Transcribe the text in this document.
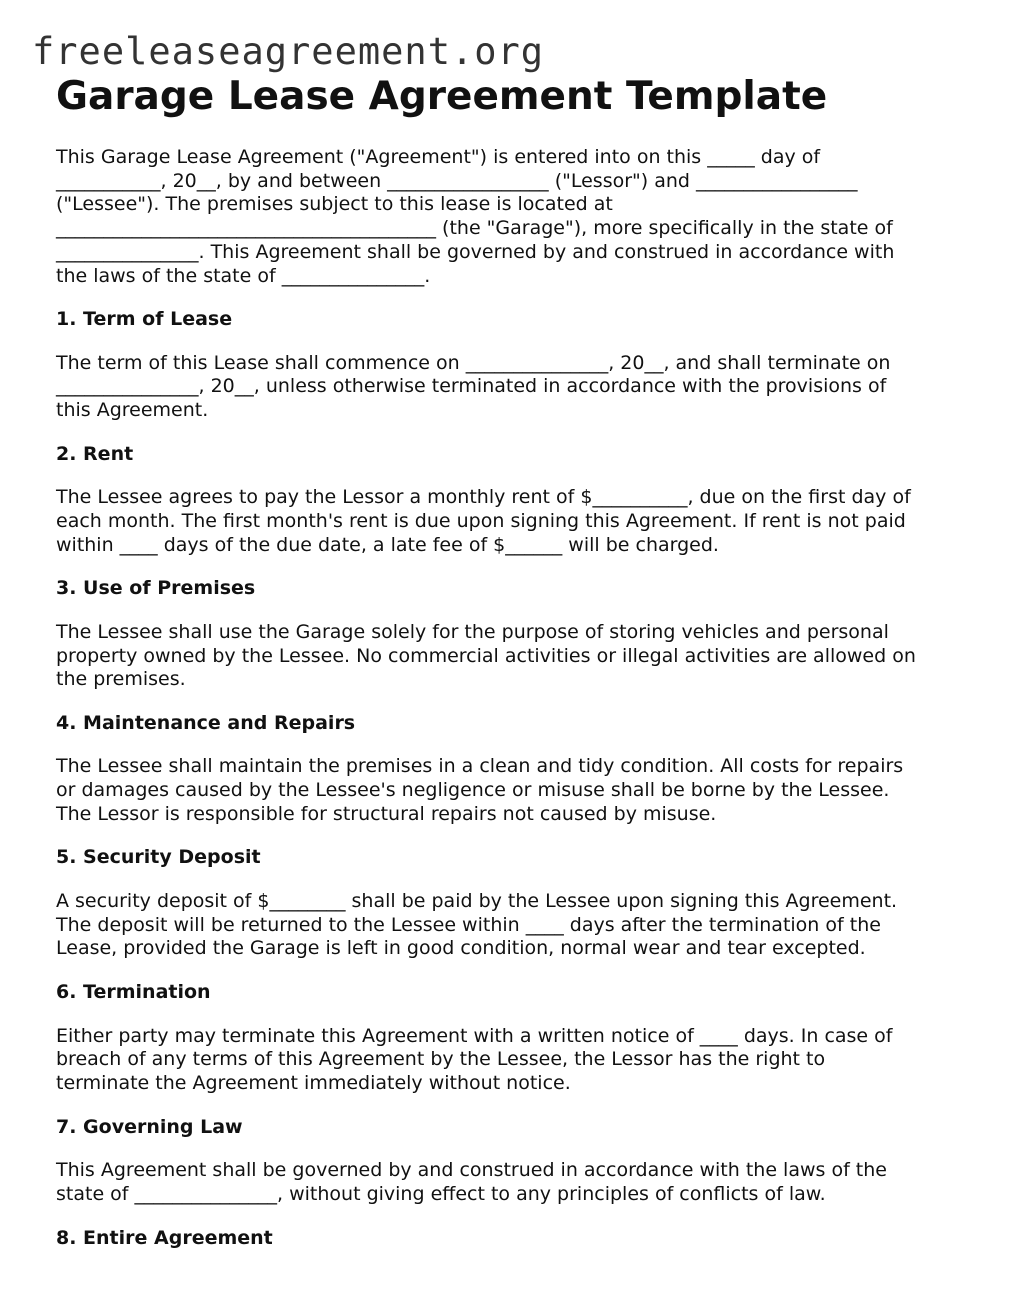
freeleaseagreement.org
Garage Lease Agreement Template

This Garage Lease Agreement ("Agreement") is entered into on this _____ day of
___________, 20__, by and between _________________ ("Lessor") and _________________
("Lessee"). The premises subject to this lease is located at
________________________________________ (the "Garage"), more specifically in the state of
_______________. This Agreement shall be governed by and construed in accordance with
the laws of the state of _______________.

1. Term of Lease

The term of this Lease shall commence on _______________, 20__, and shall terminate on
_______________, 20__, unless otherwise terminated in accordance with the provisions of
this Agreement.

2. Rent

The Lessee agrees to pay the Lessor a monthly rent of $__________, due on the first day of
each month. The first month's rent is due upon signing this Agreement. If rent is not paid
within ____ days of the due date, a late fee of $______ will be charged.

3. Use of Premises

The Lessee shall use the Garage solely for the purpose of storing vehicles and personal
property owned by the Lessee. No commercial activities or illegal activities are allowed on
the premises.

4. Maintenance and Repairs

The Lessee shall maintain the premises in a clean and tidy condition. All costs for repairs
or damages caused by the Lessee's negligence or misuse shall be borne by the Lessee.
The Lessor is responsible for structural repairs not caused by misuse.

5. Security Deposit

A security deposit of $________ shall be paid by the Lessee upon signing this Agreement.
The deposit will be returned to the Lessee within ____ days after the termination of the
Lease, provided the Garage is left in good condition, normal wear and tear excepted.

6. Termination

Either party may terminate this Agreement with a written notice of ____ days. In case of
breach of any terms of this Agreement by the Lessee, the Lessor has the right to
terminate the Agreement immediately without notice.

7. Governing Law

This Agreement shall be governed by and construed in accordance with the laws of the
state of _______________, without giving effect to any principles of conflicts of law.

8. Entire Agreement
